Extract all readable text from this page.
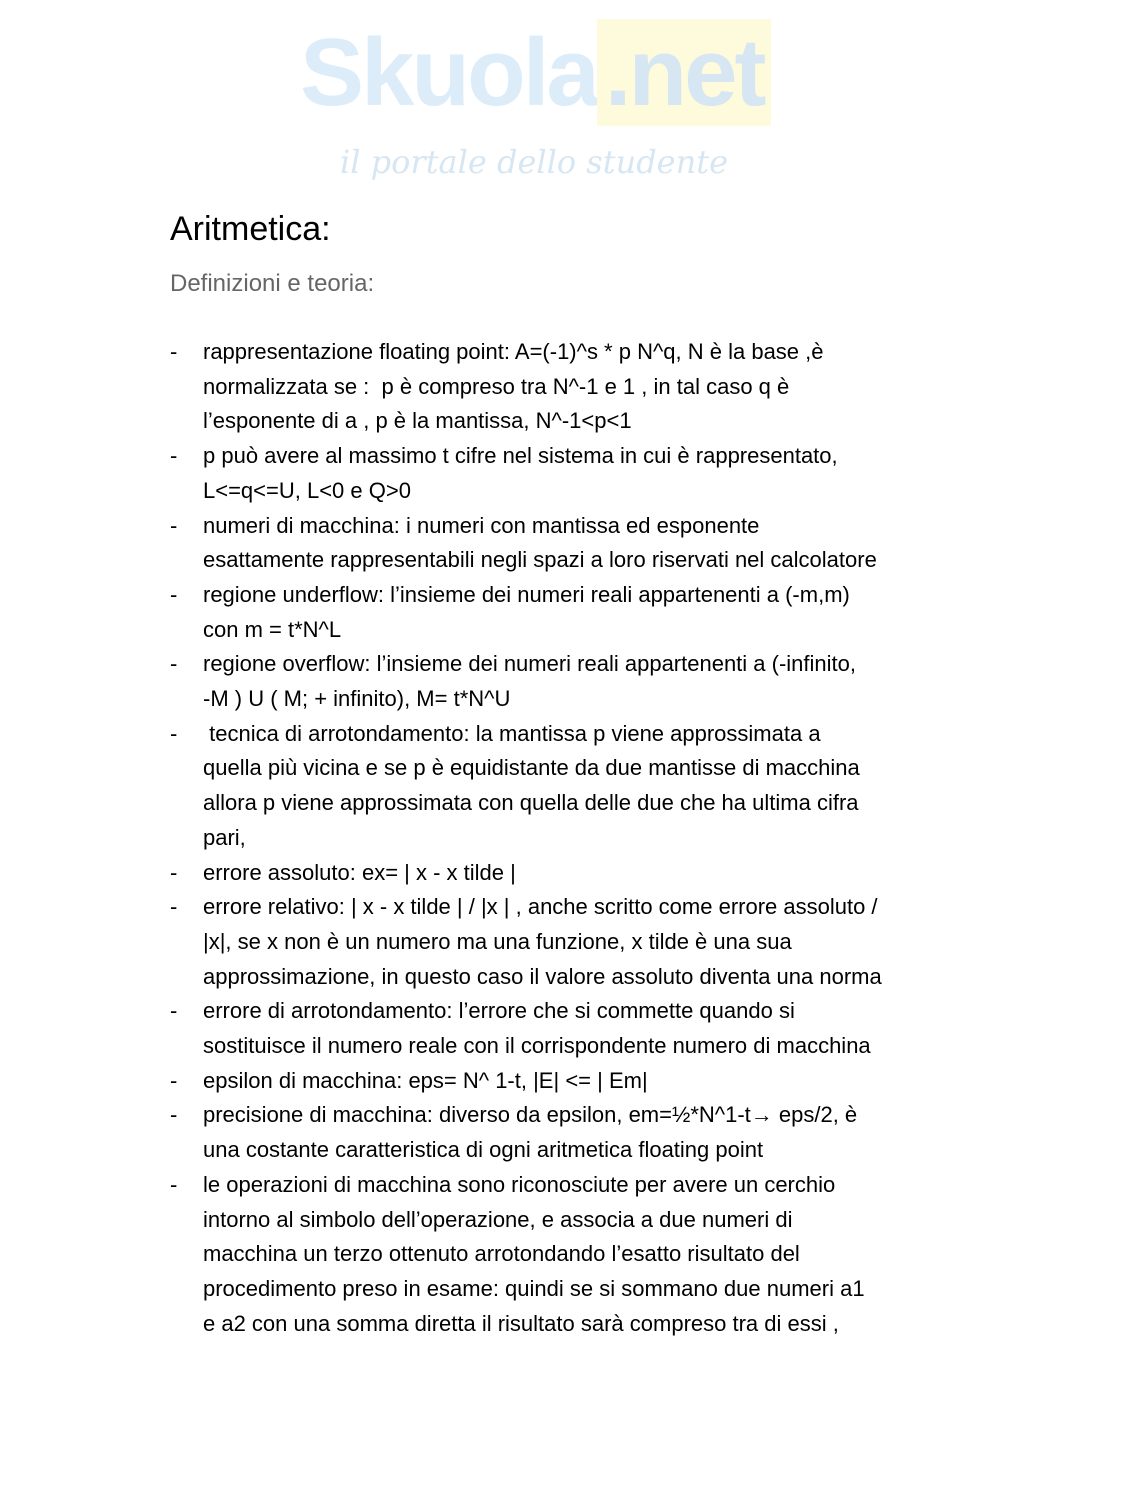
Skuola.net
il portale dello studente
Aritmetica:
Definizioni e teoria:
- rappresentazione floating point: A=(-1)^s * p N^q, N è la base ,è
normalizzata se :  p è compreso tra N^-1 e 1 , in tal caso q è
l’esponente di a , p è la mantissa, N^-1<p<1
- p può avere al massimo t cifre nel sistema in cui è rappresentato,
L<=q<=U, L<0 e Q>0
- numeri di macchina: i numeri con mantissa ed esponente
esattamente rappresentabili negli spazi a loro riservati nel calcolatore
- regione underflow: l’insieme dei numeri reali appartenenti a (-m,m)
con m = t*N^L
- regione overflow: l’insieme dei numeri reali appartenenti a (-infinito,
-M ) U ( M; + infinito), M= t*N^U
- tecnica di arrotondamento: la mantissa p viene approssimata a
quella più vicina e se p è equidistante da due mantisse di macchina
allora p viene approssimata con quella delle due che ha ultima cifra
pari,
- errore assoluto: ex= | x - x tilde |
- errore relativo: | x - x tilde | / |x | , anche scritto come errore assoluto /
|x|, se x non è un numero ma una funzione, x tilde è una sua
approssimazione, in questo caso il valore assoluto diventa una norma
- errore di arrotondamento: l’errore che si commette quando si
sostituisce il numero reale con il corrispondente numero di macchina
- epsilon di macchina: eps= N^ 1-t, |E| <= | Em|
- precisione di macchina: diverso da epsilon, em=½*N^1-t→ eps/2, è
una costante caratteristica di ogni aritmetica floating point
- le operazioni di macchina sono riconosciute per avere un cerchio
intorno al simbolo dell’operazione, e associa a due numeri di
macchina un terzo ottenuto arrotondando l’esatto risultato del
procedimento preso in esame: quindi se si sommano due numeri a1
e a2 con una somma diretta il risultato sarà compreso tra di essi ,
